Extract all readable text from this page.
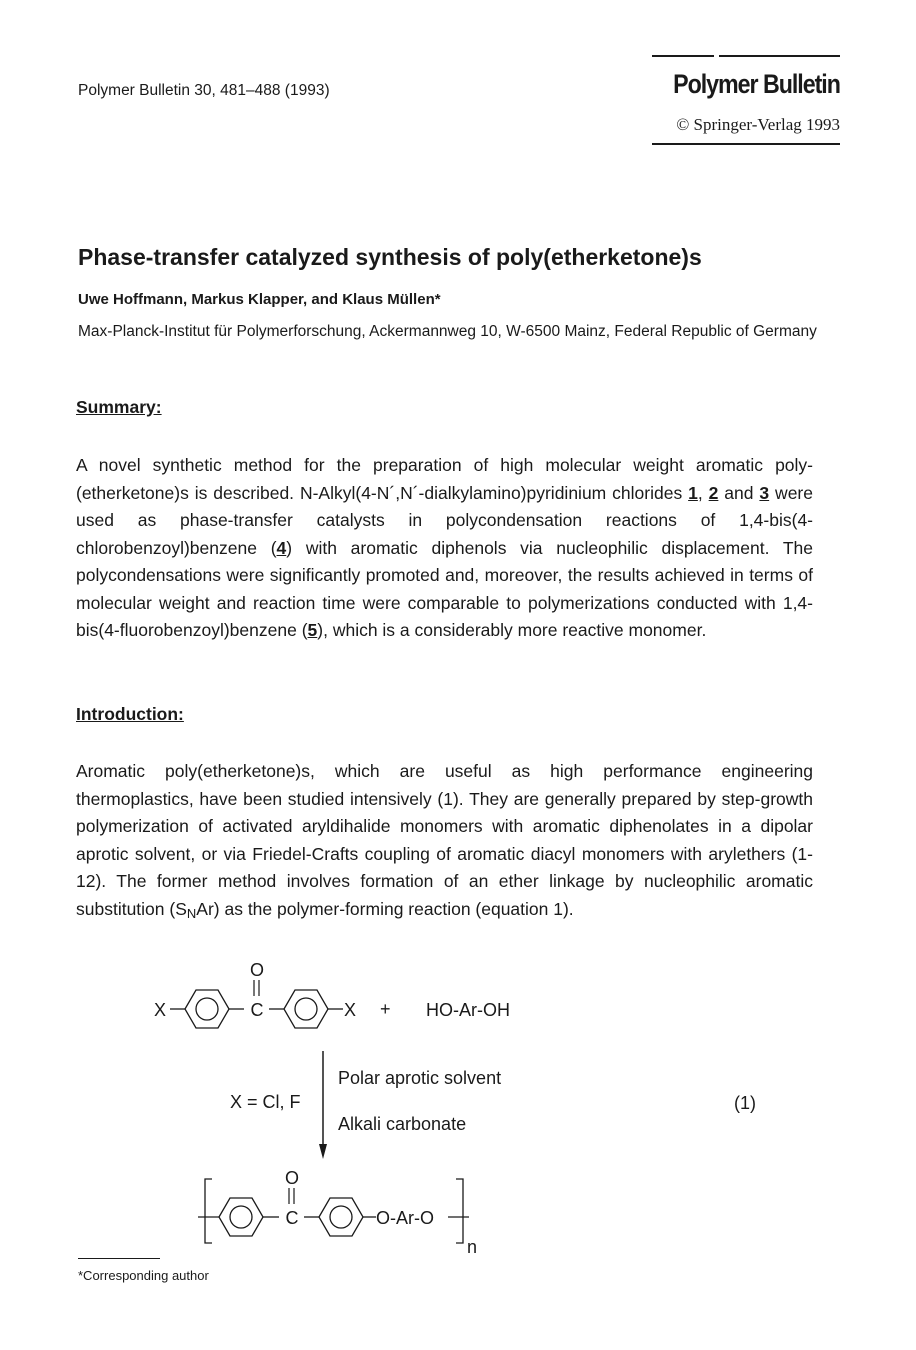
Polymer Bulletin 30, 481–488 (1993)	Polymer Bulletin
© Springer-Verlag 1993
Phase-transfer catalyzed synthesis of poly(etherketone)s
Uwe Hoffmann, Markus Klapper, and Klaus Müllen*
Max-Planck-Institut für Polymerforschung, Ackermannweg 10, W-6500 Mainz, Federal Republic of Germany
Summary:

A novel synthetic method for the preparation of high molecular weight aromatic poly- (etherketone)s is described. N-Alkyl(4-N´,N´-dialkylamino)pyridinium chlorides 1, 2 and 3 were used as phase-transfer catalysts in polycondensation reactions of 1,4-bis(4-chlorobenzoyl)benzene (4) with aromatic diphenols via nucleophilic displacement. The polycondensations were significantly promoted and, moreover, the results achieved in terms of molecular weight and reaction time were comparable to polymerizations conducted with 1,4-bis(4-fluorobenzoyl)benzene (5), which is a considerably more reactive monomer.

Introduction:

Aromatic poly(etherketone)s, which are useful as high performance engineering thermoplastics, have been studied intensively (1). They are generally prepared by step-growth polymerization of activated aryldihalide monomers with aromatic diphenolates in a dipolar aprotic solvent, or via Friedel-Crafts coupling of aromatic diacyl monomers with arylethers (1-12). The former method involves formation of an ether linkage by nucleophilic aromatic substitution $(S_NAr)$ as the polymer-forming reaction (equation 1).

X
O
C	X + HO-Ar-OH
Polar aprotic solvent
Alkali carbonate
X = Cl, F	(1)
O
C	O-Ar-O
n
*Corresponding author
